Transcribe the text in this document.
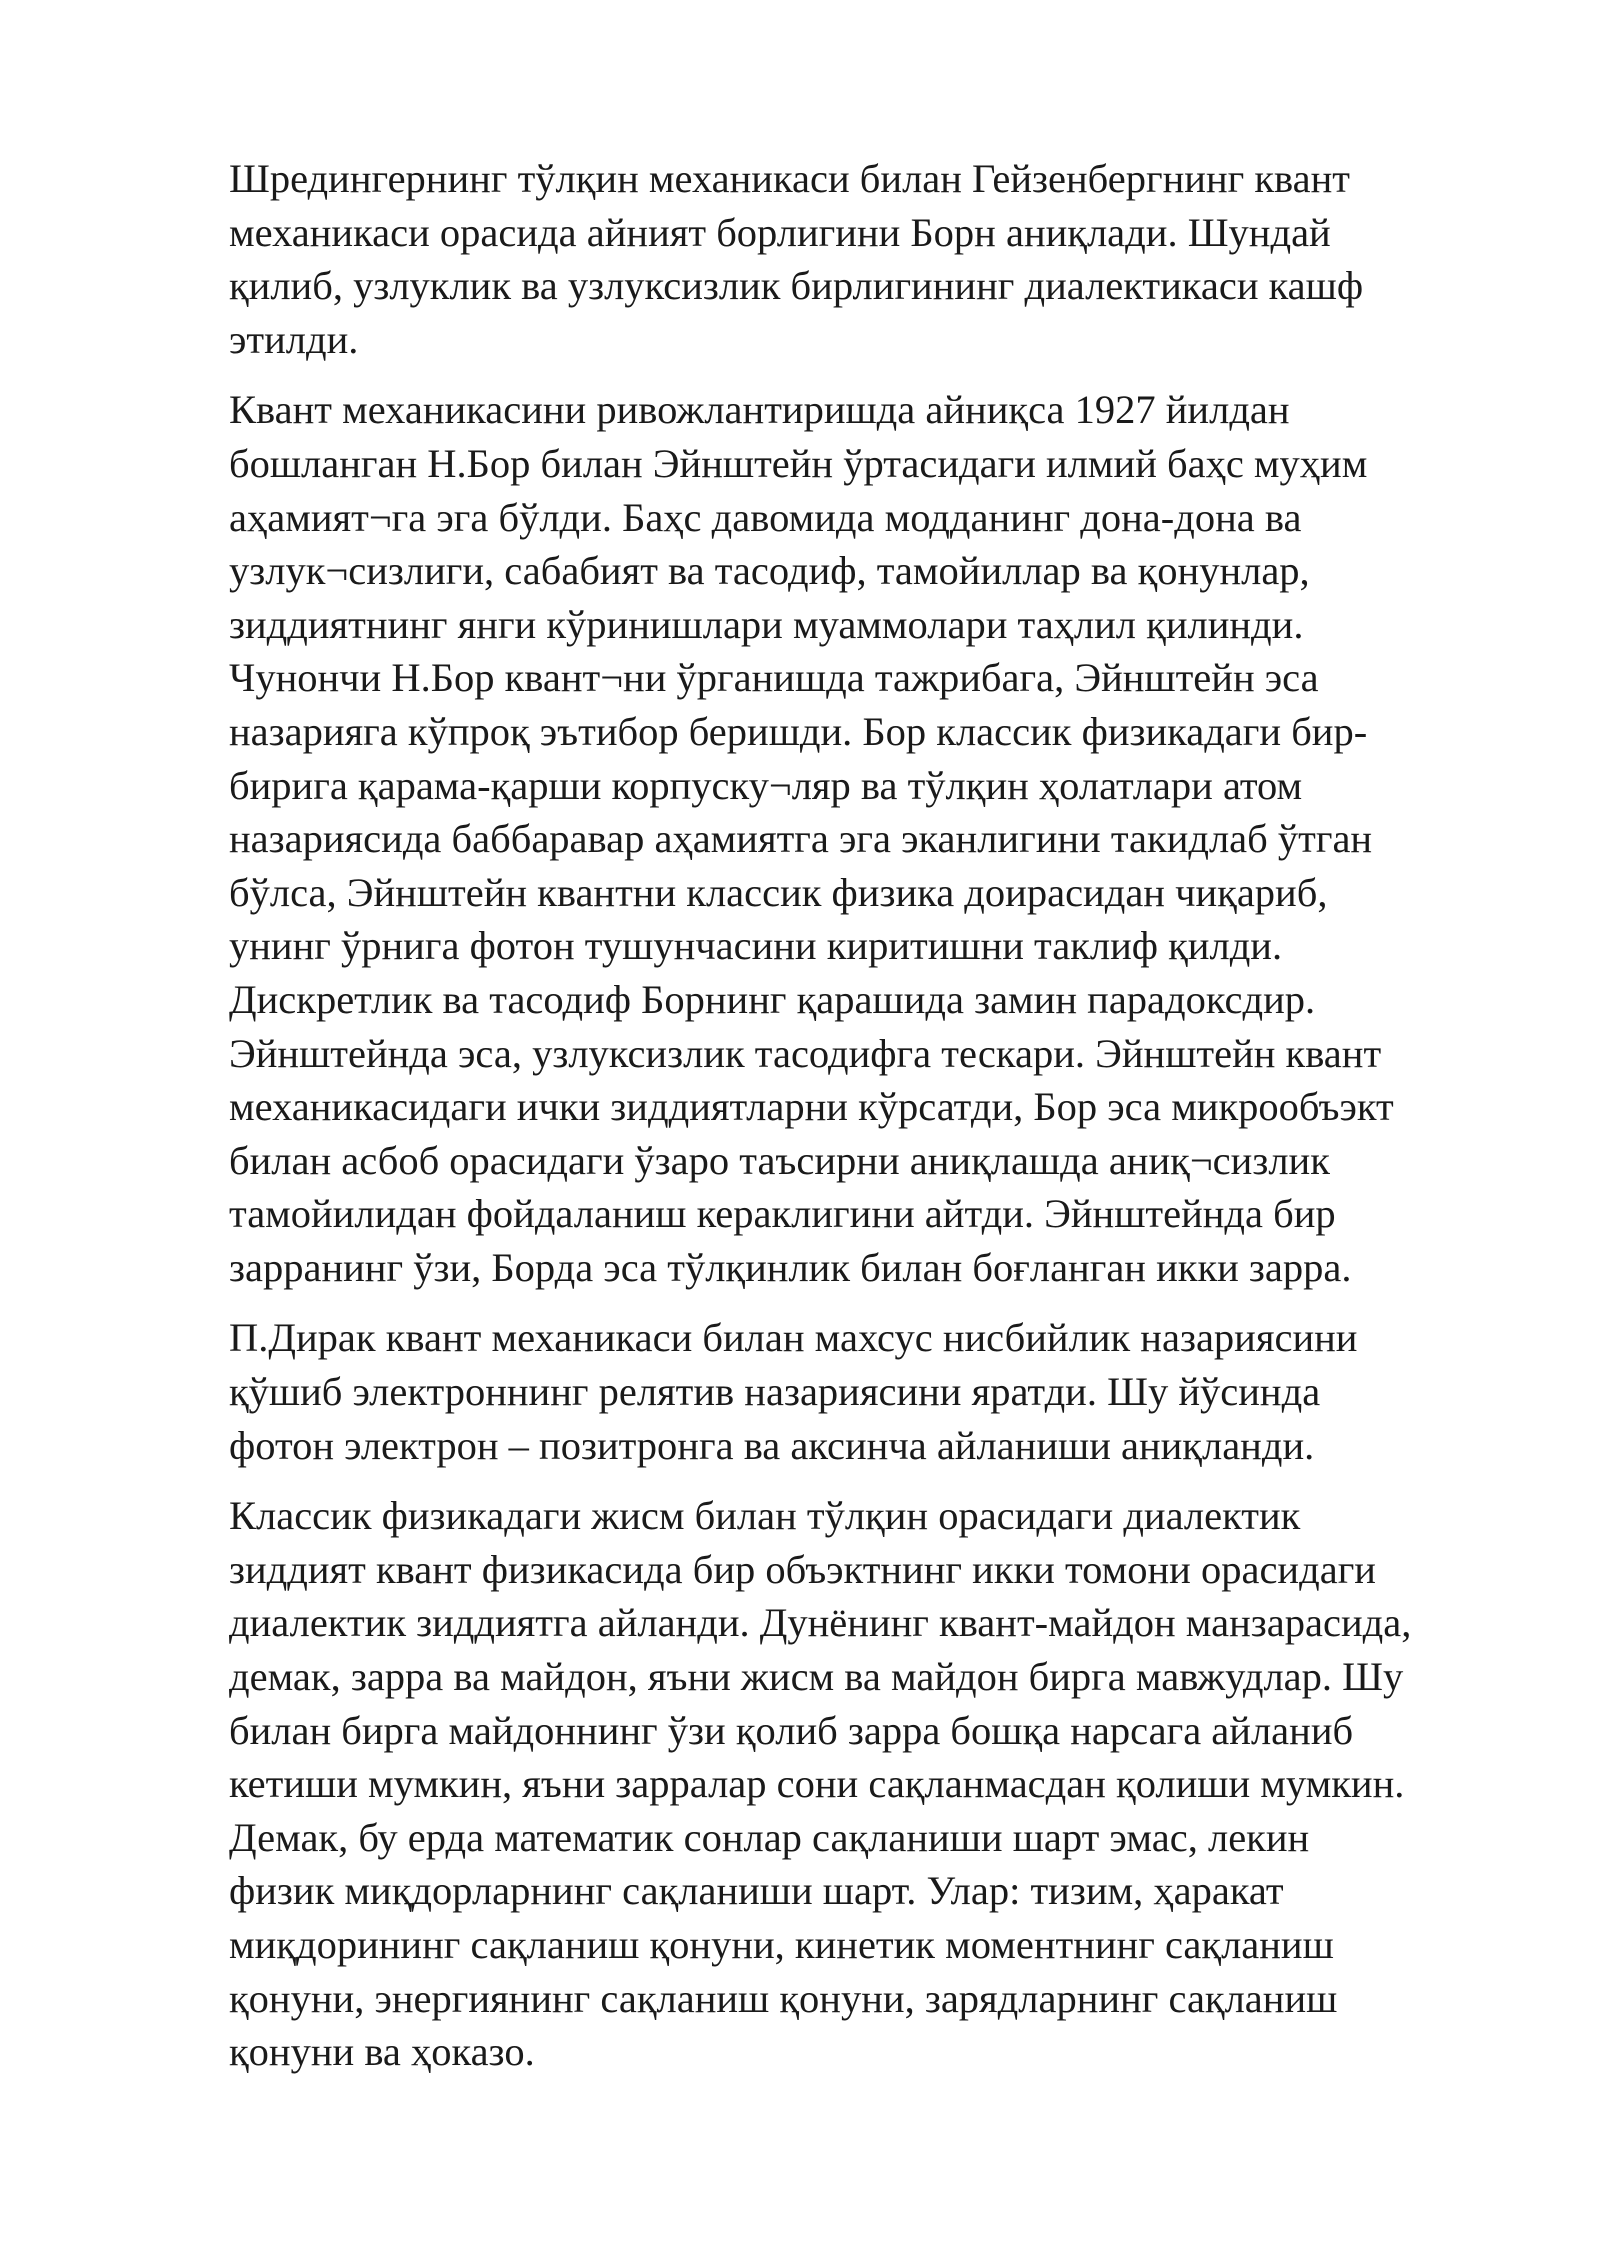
Шредингернинг тўлқин механикаси билан Гейзенбергнинг квант
механикаси орасида айният борлигини Борн аниқлади. Шундай
қилиб, узлуклик ва узлуксизлик бирлигининг диалектикаси кашф
этилди.

Квант механикасини ривожлантиришда айниқса 1927 йилдан
бошланган Н.Бор билан Эйнштейн ўртасидаги илмий баҳс муҳим
аҳамият¬га эга бўлди. Баҳс давомида модданинг дона-дона ва
узлук¬сизлиги, сабабият ва тасодиф, тамойиллар ва қонунлар,
зиддиятнинг янги кўринишлари муаммолари таҳлил қилинди.
Чунончи Н.Бор квант¬ни ўрганишда тажрибага, Эйнштейн эса
назарияга кўпроқ эътибор беришди. Бор классик физикадаги бир-
бирига қарама-қарши корпуску¬ляр ва тўлқин ҳолатлари атом
назариясида баббаравар аҳамиятга эга эканлигини такидлаб ўтган
бўлса, Эйнштейн квантни классик физика доирасидан чиқариб,
унинг ўрнига фотон тушунчасини киритишни таклиф қилди.
Дискретлик ва тасодиф Борнинг қарашида замин парадоксдир.
Эйнштейнда эса, узлуксизлик тасодифга тескари. Эйнштейн квант
механикасидаги ички зиддиятларни кўрсатди, Бор эса микрообъэкт
билан асбоб орасидаги ўзаро таъсирни аниқлашда аниқ¬сизлик
тамойилидан фойдаланиш кераклигини айтди. Эйнштейнда бир
зарранинг ўзи, Борда эса тўлқинлик билан боғланган икки зарра.

П.Дирак квант механикаси билан махсус нисбийлик назариясини
қўшиб электроннинг релятив назариясини яратди. Шу йўсинда
фотон электрон – позитронга ва аксинча айланиши аниқланди.

Классик физикадаги жисм билан тўлқин орасидаги диалектик
зиддият квант физикасида бир объэктнинг икки томони орасидаги
диалектик зиддиятга айланди. Дунёнинг квант-майдон манзарасида,
демак, зарра ва майдон, яъни жисм ва майдон бирга мавжудлар. Шу
билан бирга майдоннинг ўзи қолиб зарра бошқа нарсага айланиб
кетиши мумкин, яъни зарралар сони сақланмасдан қолиши мумкин.
Демак, бу ерда математик сонлар сақланиши шарт эмас, лекин
физик миқдорларнинг сақланиши шарт. Улар: тизим, ҳаракат
миқдорининг сақланиш қонуни, кинетик моментнинг сақланиш
қонуни, энергиянинг сақланиш қонуни, зарядларнинг сақланиш
қонуни ва ҳоказо.
